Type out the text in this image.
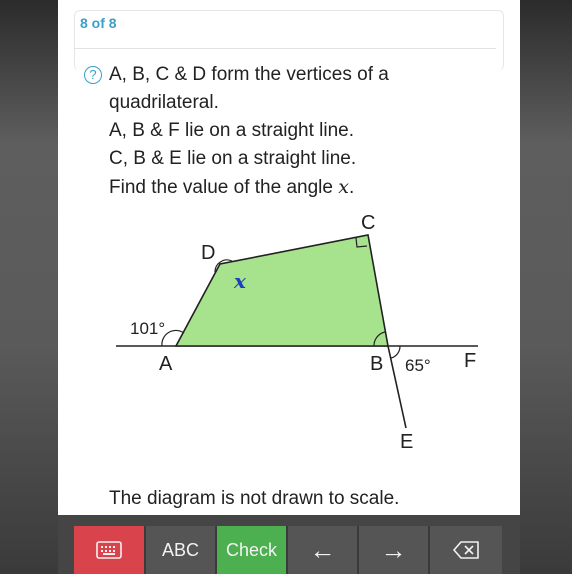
8 of 8
? A, B, C & D form the vertices of a
quadrilateral.
A, B & F lie on a straight line.
C, B & E lie on a straight line.
Find the value of the angle x.
C
D
A	B	F
E
101°
65°
x
The diagram is not drawn to scale.
ABC	Check	← →
